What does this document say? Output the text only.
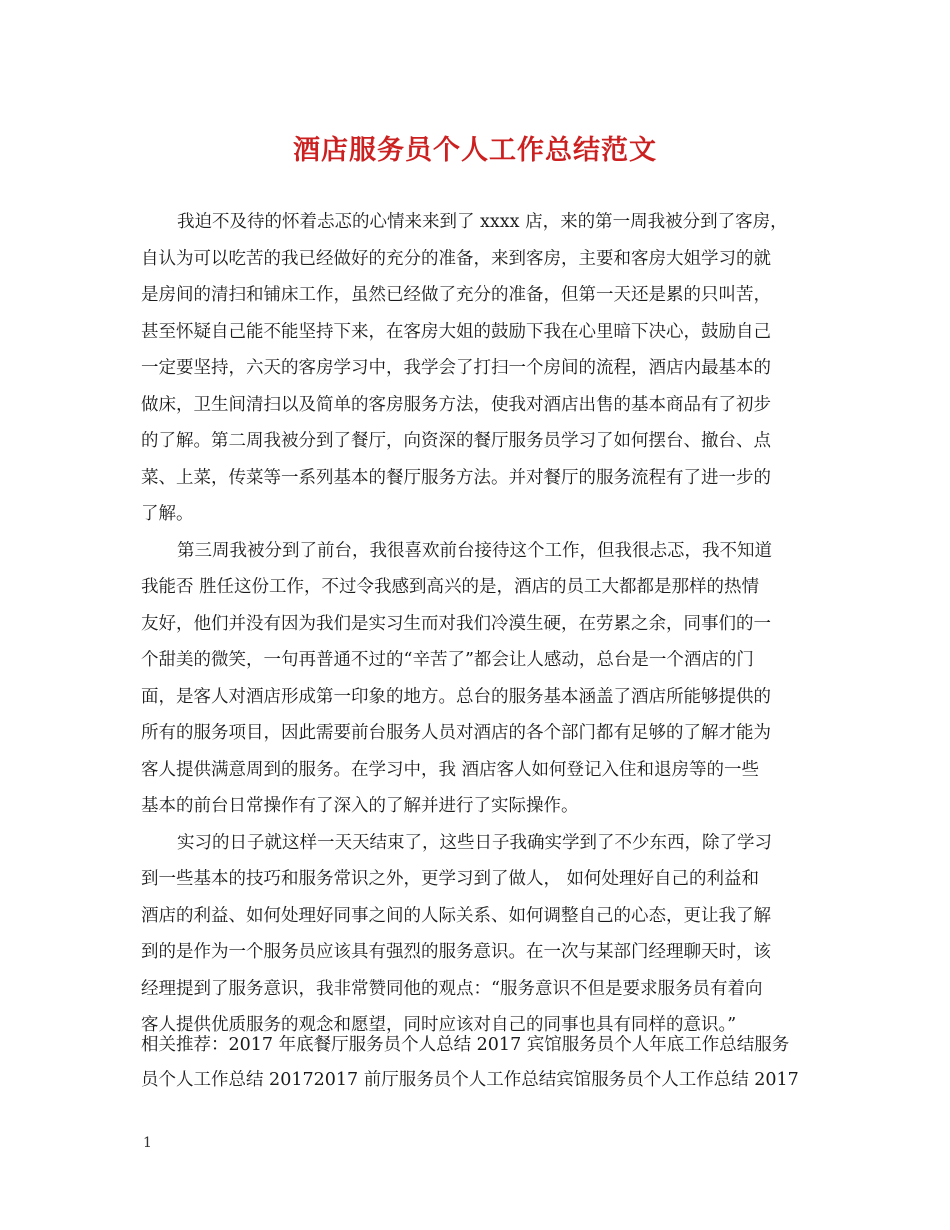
酒店服务员个人工作总结范文
我迫不及待的怀着忐忑的心情来来到了 xxxx 店，来的第一周我被分到了客房，
自认为可以吃苦的我已经做好的充分的准备，来到客房，主要和客房大姐学习的就
是房间的清扫和铺床工作，虽然已经做了充分的准备，但第一天还是累的只叫苦，
甚至怀疑自己能不能坚持下来，在客房大姐的鼓励下我在心里暗下决心，鼓励自己
一定要坚持，六天的客房学习中，我学会了打扫一个房间的流程，酒店内最基本的
做床，卫生间清扫以及简单的客房服务方法，使我对酒店出售的基本商品有了初步
的了解。第二周我被分到了餐厅，向资深的餐厅服务员学习了如何摆台、撤台、点
菜、上菜，传菜等一系列基本的餐厅服务方法。并对餐厅的服务流程有了进一步的
了解。
第三周我被分到了前台，我很喜欢前台接待这个工作，但我很忐忑，我不知道
我能否 胜任这份工作，不过令我感到高兴的是，酒店的员工大都都是那样的热情
友好，他们并没有因为我们是实习生而对我们冷漠生硬，在劳累之余，同事们的一
个甜美的微笑，一句再普通不过的“辛苦了”都会让人感动，总台是一个酒店的门
面，是客人对酒店形成第一印象的地方。总台的服务基本涵盖了酒店所能够提供的
所有的服务项目，因此需要前台服务人员对酒店的各个部门都有足够的了解才能为
客人提供满意周到的服务。在学习中，我 酒店客人如何登记入住和退房等的一些
基本的前台日常操作有了深入的了解并进行了实际操作。
实习的日子就这样一天天结束了，这些日子我确实学到了不少东西，除了学习
到一些基本的技巧和服务常识之外，更学习到了做人， 如何处理好自己的利益和
酒店的利益、如何处理好同事之间的人际关系、如何调整自己的心态，更让我了解
到的是作为一个服务员应该具有强烈的服务意识。在一次与某部门经理聊天时，该
经理提到了服务意识，我非常赞同他的观点：“服务意识不但是要求服务员有着向
客人提供优质服务的观念和愿望，同时应该对自己的同事也具有同样的意识。”
相关推荐：2017 年底餐厅服务员个人总结 2017 宾馆服务员个人年底工作总结服务
员个人工作总结 20172017 前厅服务员个人工作总结宾馆服务员个人工作总结 2017
1
